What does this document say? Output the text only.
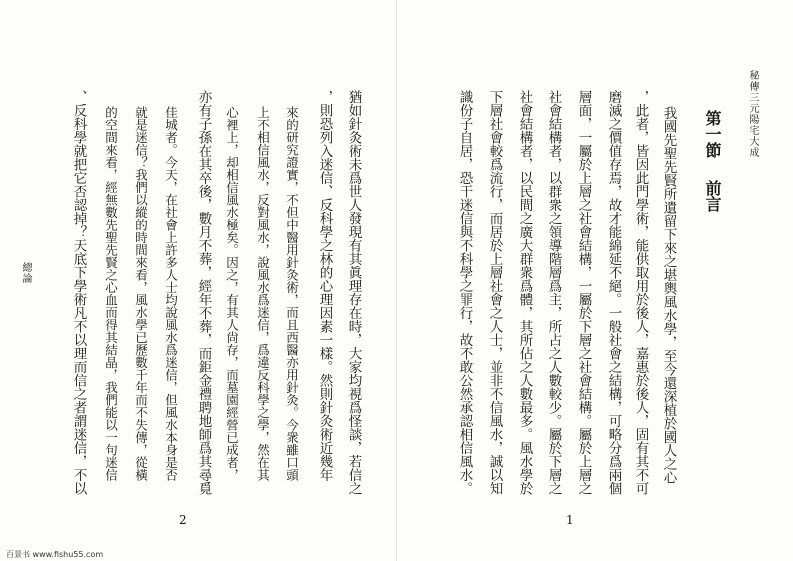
猶如針灸術未爲世人發現有其眞理存在時，大家均視爲怪談，若信之
，則恐列入迷信、反科學之林的心理因素一樣。然則針灸術近幾年
來的研究證實，不但中醫用針灸術，而且西醫亦用針灸。今衆雖口頭
上不相信風水，反對風水，說風水爲迷信，爲違反科學之學，然在其
心裡上，却相信風水極矣。因之，有其人尙存，而墓園經營已成者，
亦有子孫在其卒後，數月不葬，經年不葬，而鉅金禮聘地師爲其尋覓
佳城者。今天，在社會上許多人士均說風水爲迷信，但風水本身是否
就是迷信？我們以縱的時間來看，風水學已歷數千年而不失傳，從橫
的空間來看，經無數先聖先賢之心血而得其結晶，我們能以一句迷信
、反科學就把它否認掉？天底下學術凡不以理而信之者謂迷信，不以
總論
2
百景书 www.fishu55.com
秘傳三元陽宅大成
第一節前言
我國先聖先賢所遺留下來之堪輿風水學，至今還深植於國人之心
，此者，皆因此門學術，能供取用於後人，嘉惠於後人，固有其不可
磨滅之價值存焉，故才能綿延不絕。一般社會之結構，可略分爲兩個
層面，一屬於上層之社會結構，一屬於下層之社會結構。屬於上層之
社會結構者，以群衆之領導階層爲主，所占之人數較少。屬於下層之
社會結構者，以民間之廣大群衆爲體，其所佔之人數最多。風水學於
下層社會較爲流行，而居於上層社會之人士，並非不信風水，誠以知
識份子自居，恐干迷信與不科學之罪行，故不敢公然承認相信風水。
1
